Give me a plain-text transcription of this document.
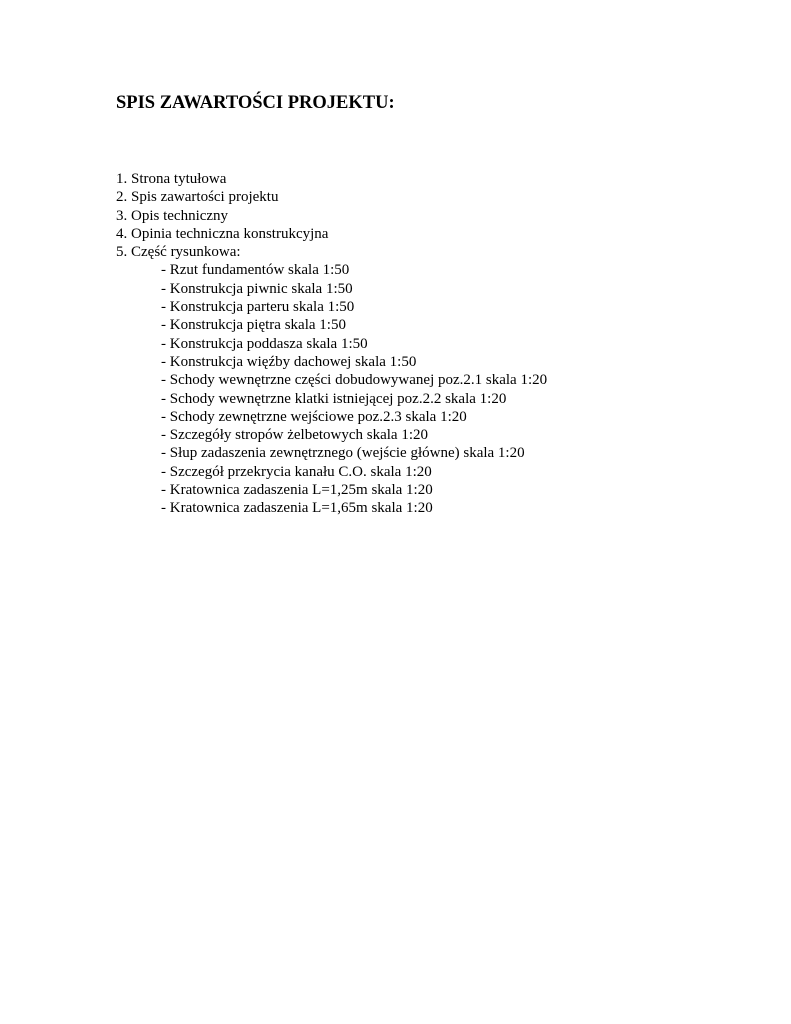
SPIS ZAWARTOŚCI PROJEKTU:
1. Strona tytułowa
2. Spis zawartości projektu
3. Opis techniczny
4. Opinia techniczna konstrukcyjna
5. Część rysunkowa:
- Rzut fundamentów skala 1:50
- Konstrukcja piwnic skala 1:50
- Konstrukcja parteru skala 1:50
- Konstrukcja piętra skala 1:50
- Konstrukcja poddasza skala 1:50
- Konstrukcja więźby dachowej skala 1:50
- Schody wewnętrzne części dobudowywanej poz.2.1 skala 1:20
- Schody wewnętrzne klatki istniejącej poz.2.2 skala 1:20
- Schody zewnętrzne wejściowe poz.2.3 skala 1:20
- Szczegóły stropów żelbetowych skala 1:20
- Słup zadaszenia zewnętrznego (wejście główne) skala 1:20
- Szczegół przekrycia kanału C.O. skala 1:20
- Kratownica zadaszenia L=1,25m skala 1:20
- Kratownica zadaszenia L=1,65m skala 1:20
